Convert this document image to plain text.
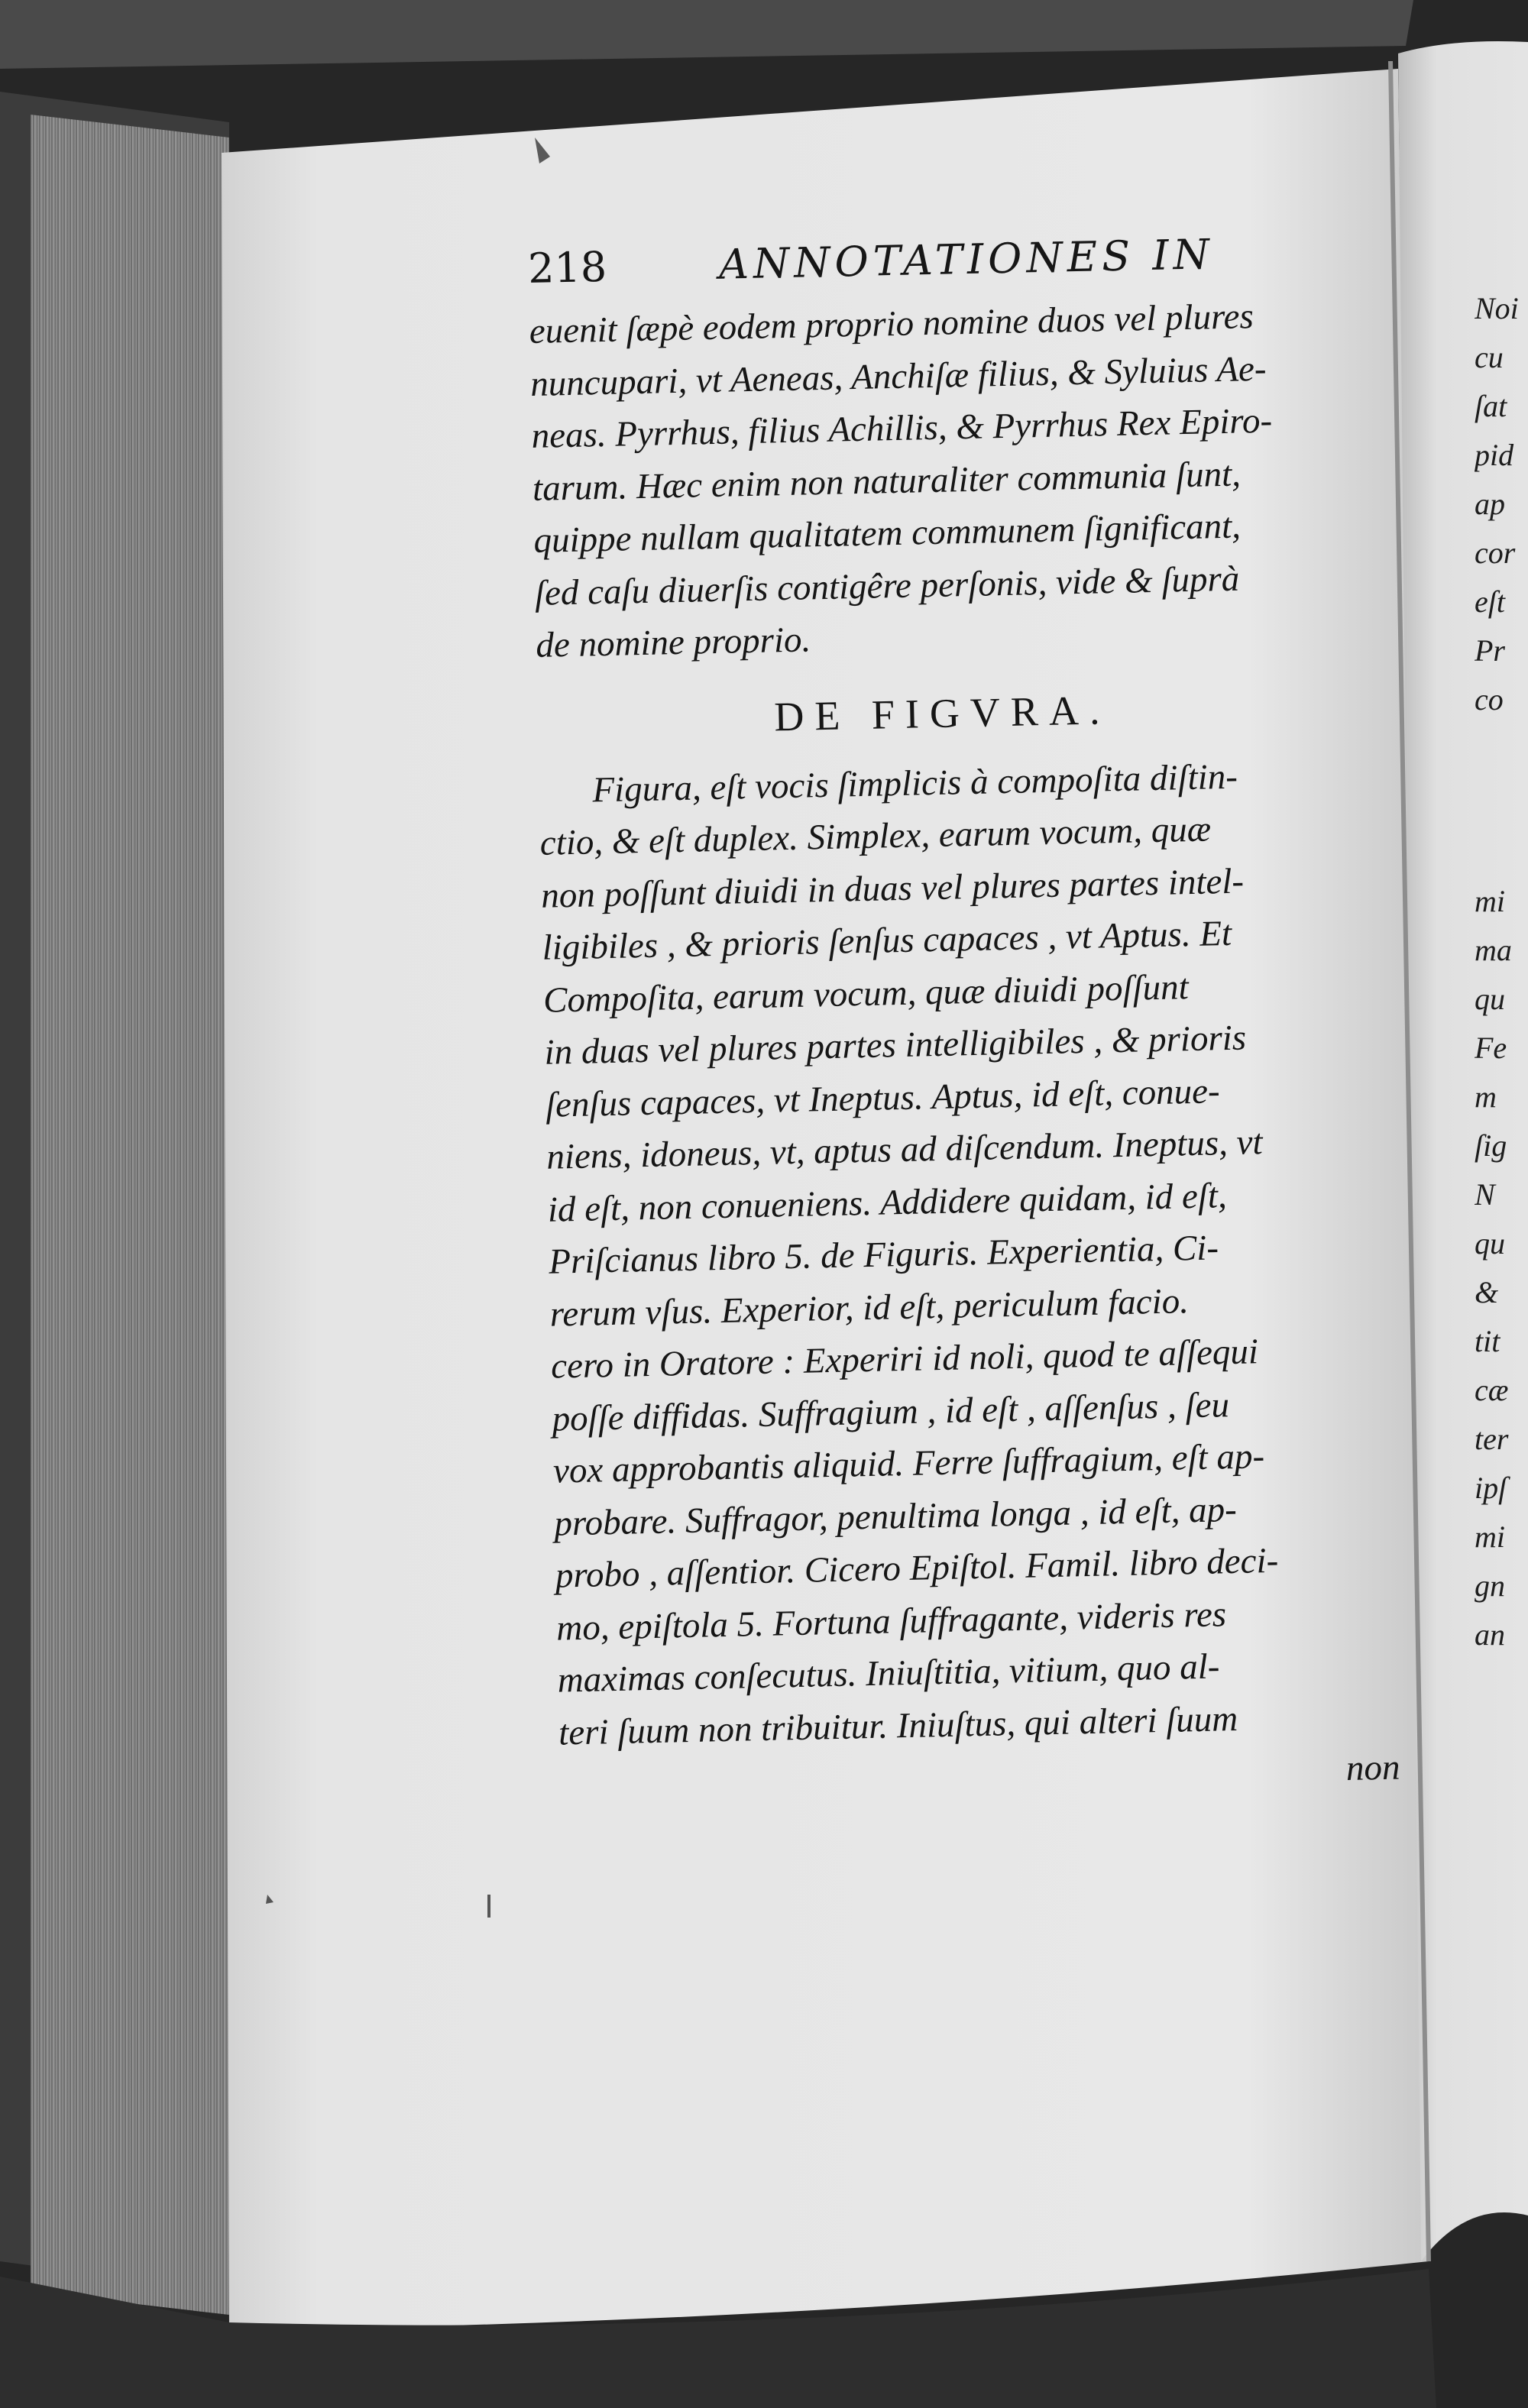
218	ANNOTATIONES IN
euenit ſæpè eodem proprio nomine duos vel plures
nuncupari, vt Aeneas, Anchiſæ filius, & Syluius Ae-
neas. Pyrrhus, filius Achillis, & Pyrrhus Rex Epiro-
tarum. Hæc enim non naturaliter communia ſunt,
quippe nullam qualitatem communem ſignificant,
ſed caſu diuerſis contigêre perſonis, vide & ſuprà
de nomine proprio.
DE FIGVRA.
Figura, eſt vocis ſimplicis à compoſita diſtin-
ctio, & eſt duplex. Simplex, earum vocum, quæ
non poſſunt diuidi in duas vel plures partes intel-
ligibiles , & prioris ſenſus capaces , vt Aptus. Et
Compoſita, earum vocum, quæ diuidi poſſunt
in duas vel plures partes intelligibiles , & prioris
ſenſus capaces, vt Ineptus. Aptus, id eſt, conue-
niens, idoneus, vt, aptus ad diſcendum. Ineptus, vt
id eſt, non conueniens. Addidere quidam, id eſt,
Priſcianus libro 5. de Figuris. Experientia, Ci-
rerum vſus. Experior, id eſt, periculum facio.
cero in Oratore : Experiri id noli, quod te aſſequi
poſſe diffidas. Suffragium , id eſt , aſſenſus , ſeu
vox approbantis aliquid. Ferre ſuffragium, eſt ap-
probare. Suffragor, penultima longa , id eſt, ap-
probo , aſſentior. Cicero Epiſtol. Famil. libro deci-
mo, epiſtola 5. Fortuna ſuffragante, videris res
maximas conſecutus. Iniuſtitia, vitium, quo al-
teri ſuum non tribuitur. Iniuſtus, qui alteri ſuum
non
Noi
cu
ſat
pid
ap
cor
eſt
Pr
co
mi
ma
qu
Fe
m
ſig
N
qu
&
tit
cæ
ter
ipſ
mi
gn
an
